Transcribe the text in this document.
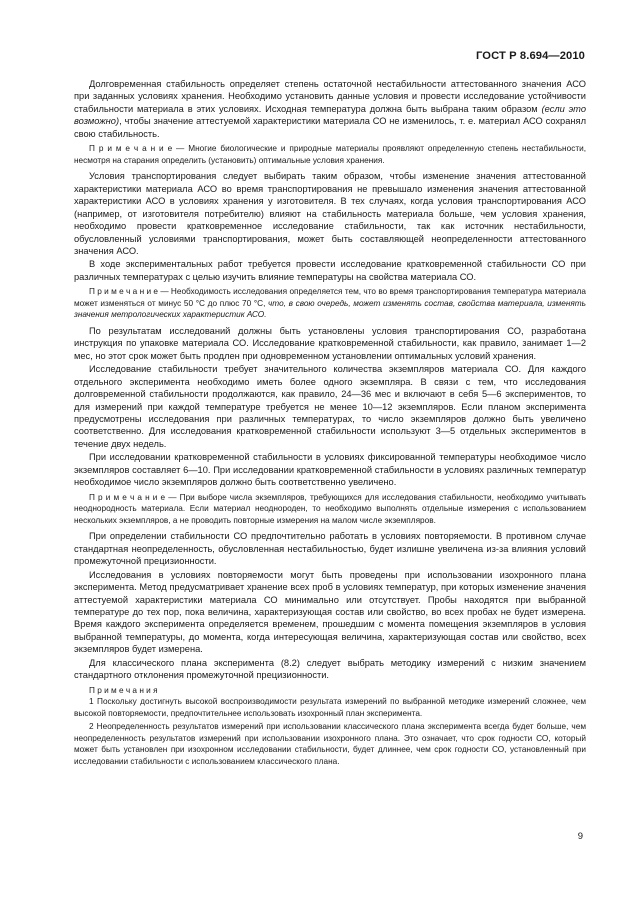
ГОСТ Р 8.694—2010

Долговременная стабильность определяет степень остаточной нестабильности аттестованного значения АСО при заданных условиях хранения. Необходимо установить данные условия и провести исследование устойчивости стабильности материала в этих условиях. Исходная температура должна быть выбрана таким образом (если это возможно), чтобы значение аттестуемой характеристики материала СО не изменилось, т. е. материал АСО сохранял свою стабильность.

П р и м е ч а н и е — Многие биологические и природные материалы проявляют определенную степень нестабильности, несмотря на старания определить (установить) оптимальные условия хранения.

Условия транспортирования следует выбирать таким образом, чтобы изменение значения аттестованной характеристики материала АСО во время транспортирования не превышало изменения значения аттестованной характеристики АСО в условиях хранения у изготовителя. В тех случаях, когда условия транспортирования АСО (например, от изготовителя потребителю) влияют на стабильность материала больше, чем условия хранения, необходимо провести кратковременное исследование стабильности, так как источник нестабильности, обусловленный условиями транспортирования, может быть составляющей неопределенности аттестованного значения АСО.

В ходе экспериментальных работ требуется провести исследование кратковременной стабильности СО при различных температурах с целью изучить влияние температуры на свойства материала СО.

П р и м е ч а н и е — Необходимость исследования определяется тем, что во время транспортирования температура материала может изменяться от минус 50 °С до плюс 70 °С, что, в свою очередь, может изменять состав, свойства материала, изменять значения метрологических характеристик АСО.

По результатам исследований должны быть установлены условия транспортирования СО, разработана инструкция по упаковке материала СО. Исследование кратковременной стабильности, как правило, занимает 1—2 мес, но этот срок может быть продлен при одновременном установлении оптимальных условий хранения.

Исследование стабильности требует значительного количества экземпляров материала СО. Для каждого отдельного эксперимента необходимо иметь более одного экземпляра. В связи с тем, что исследования долговременной стабильности продолжаются, как правило, 24—36 мес и включают в себя 5—6 экспериментов, то для измерений при каждой температуре требуется не менее 10—12 экземпляров. Если планом эксперимента предусмотрены исследования при различных температурах, то число экземпляров должно быть увеличено соответственно. Для исследования кратковременной стабильности используют 3—5 отдельных экспериментов в течение двух недель.

При исследовании кратковременной стабильности в условиях фиксированной температуры необходимое число экземпляров составляет 6—10. При исследовании кратковременной стабильности в условиях различных температур необходимое число экземпляров должно быть соответственно увеличено.

П р и м е ч а н и е — При выборе числа экземпляров, требующихся для исследования стабильности, необходимо учитывать неоднородность материала. Если материал неоднороден, то необходимо выполнять отдельные измерения с использованием нескольких экземпляров, а не проводить повторные измерения на малом числе экземпляров.

При определении стабильности СО предпочтительно работать в условиях повторяемости. В противном случае стандартная неопределенность, обусловленная нестабильностью, будет излишне увеличена из-за влияния условий промежуточной прецизионности.

Исследования в условиях повторяемости могут быть проведены при использовании изохронного плана эксперимента. Метод предусматривает хранение всех проб в условиях температур, при которых изменение значения аттестуемой характеристики материала СО минимально или отсутствует. Пробы находятся при выбранной температуре до тех пор, пока величина, характеризующая состав или свойство, во всех пробах не будет измерена. Время каждого эксперимента определяется временем, прошедшим с момента помещения экземпляров в условия выбранной температуры, до момента, когда интересующая величина, характеризующая состав или свойство, всех экземпляров будет измерена.

Для классического плана эксперимента (8.2) следует выбрать методику измерений с низким значением стандартного отклонения промежуточной прецизионности.

П р и м е ч а н и я

1 Поскольку достигнуть высокой воспроизводимости результата измерений по выбранной методике измерений сложнее, чем высокой повторяемости, предпочтительнее использовать изохронный план эксперимента.

2 Неопределенность результатов измерений при использовании классического плана эксперимента всегда будет больше, чем неопределенность результатов измерений при использовании изохронного плана. Это означает, что срок годности СО, который может быть установлен при изохронном исследовании стабильности, будет длиннее, чем срок годности СО, установленный при исследовании стабильности с использованием классического плана.

9
